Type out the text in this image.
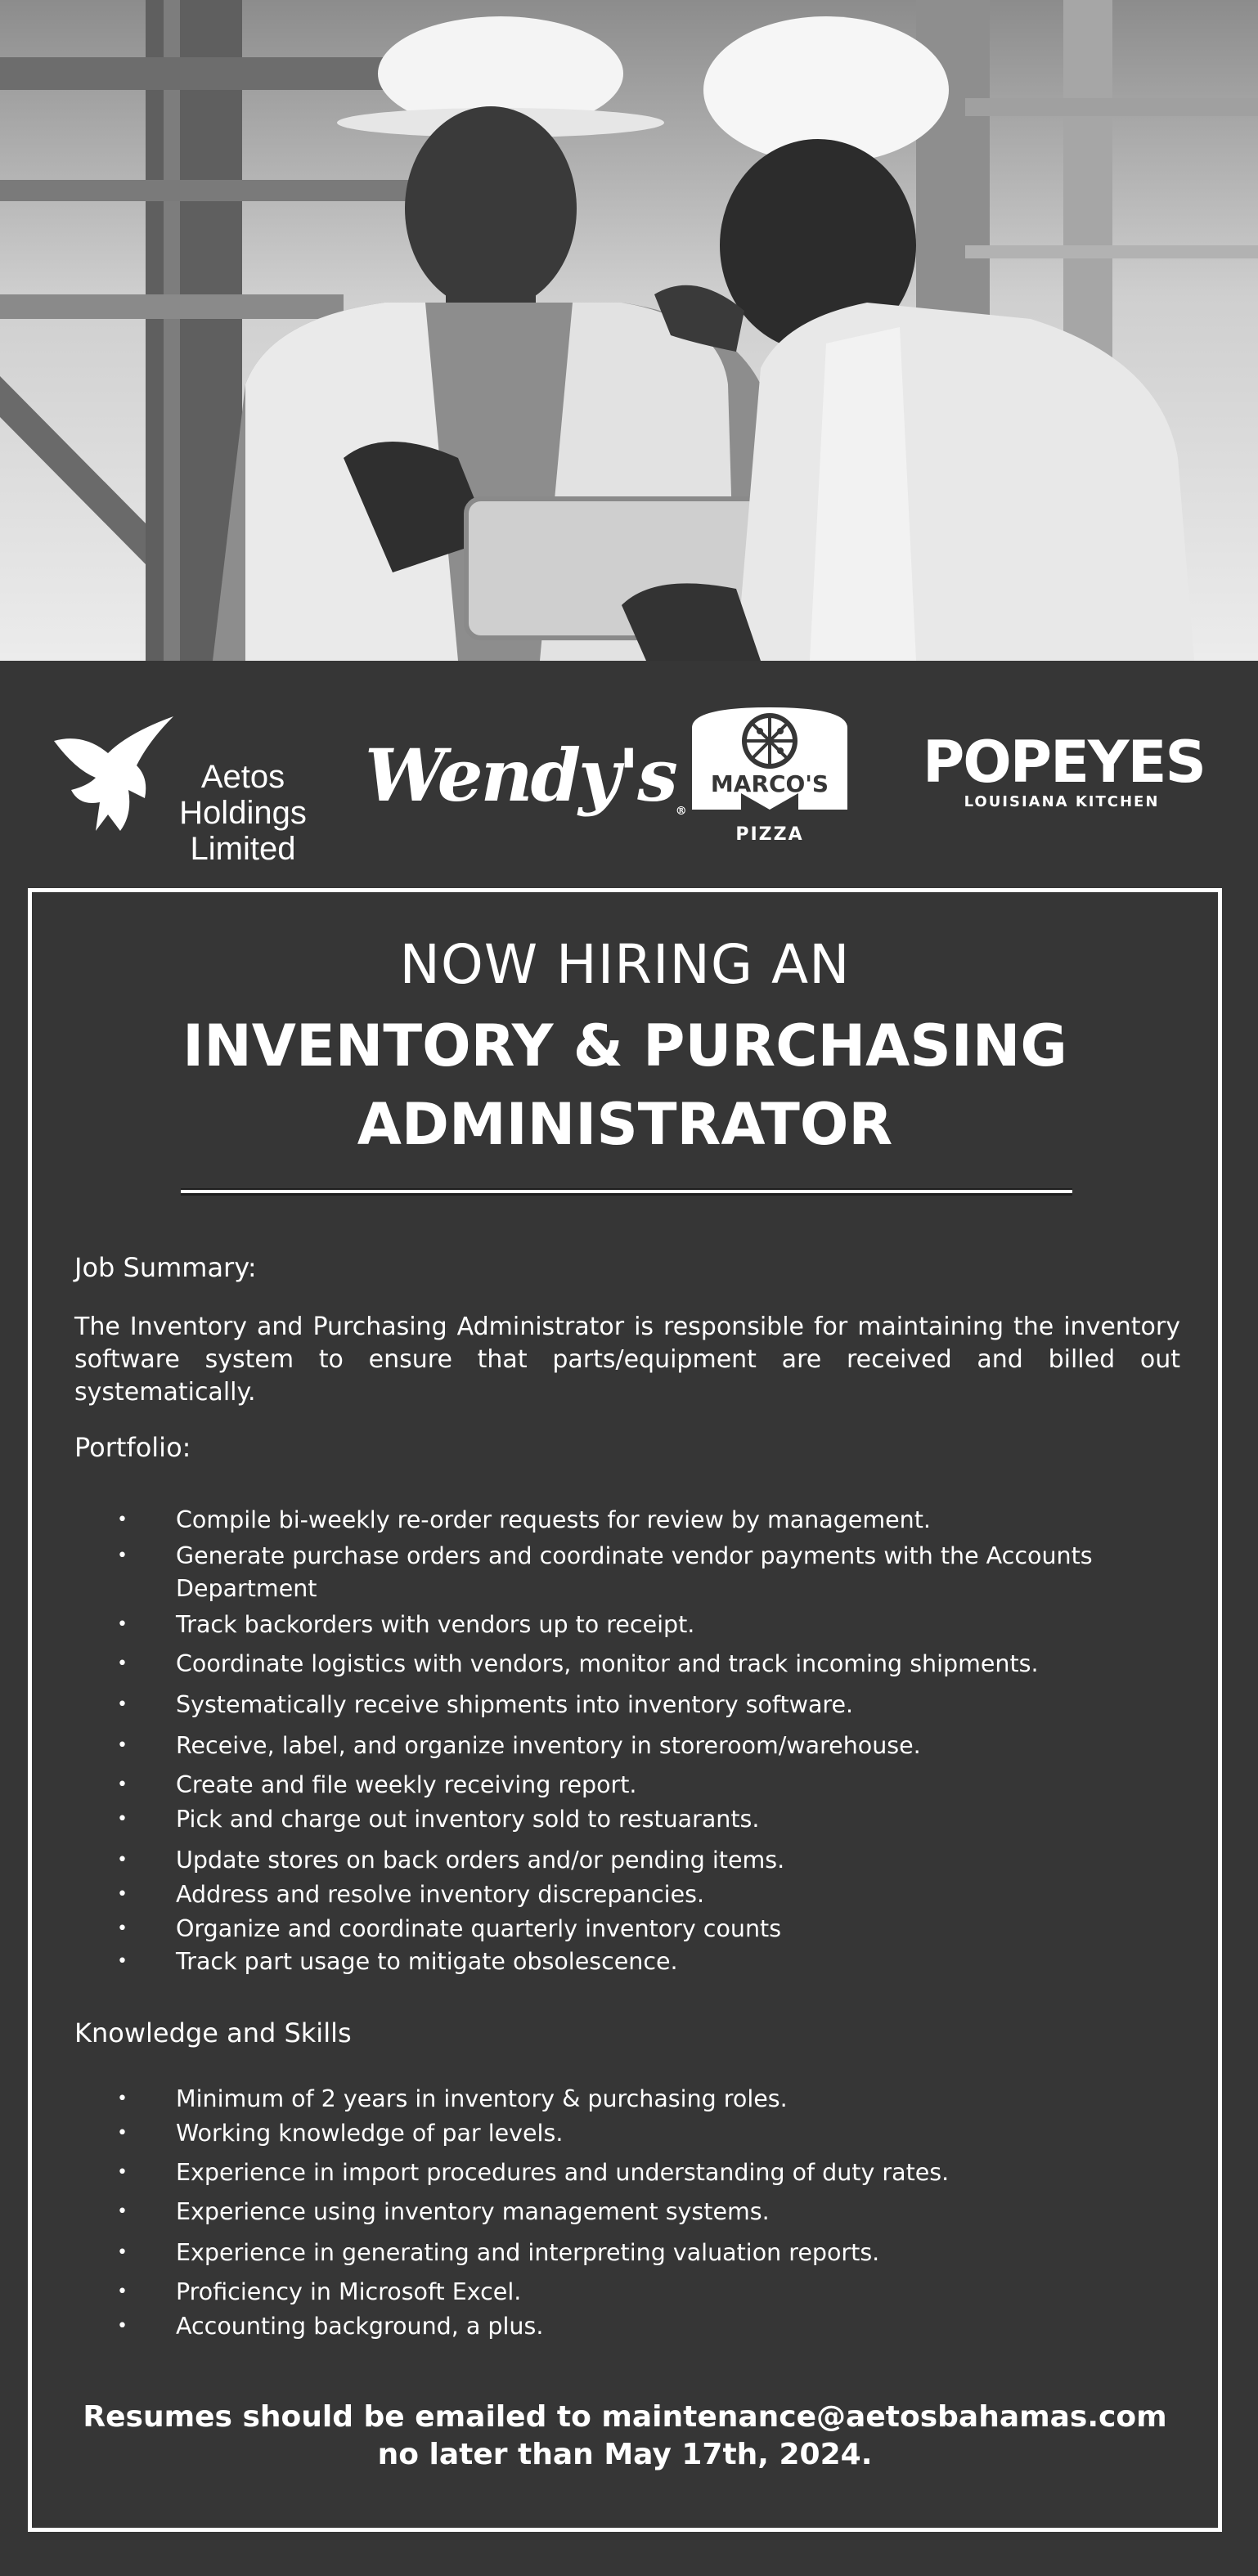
Aetos
Holdings
Limited
Wendy's®
MARCO'S
PIZZA
POPEYES
LOUISIANA KITCHEN
NOW HIRING AN
INVENTORY & PURCHASING
ADMINISTRATOR
Job Summary:
The Inventory and Purchasing Administrator is responsible for maintaining the inventory software system to ensure that parts/equipment are received and billed out systematically.
Portfolio:
• Compile bi-weekly re-order requests for review by management.
• Generate purchase orders and coordinate vendor payments with the Accounts Department
• Track backorders with vendors up to receipt.
• Coordinate logistics with vendors, monitor and track incoming shipments.
• Systematically receive shipments into inventory software.
• Receive, label, and organize inventory in storeroom/warehouse.
• Create and file weekly receiving report.
• Pick and charge out inventory sold to restuarants.
• Update stores on back orders and/or pending items.
• Address and resolve inventory discrepancies.
• Organize and coordinate quarterly inventory counts
• Track part usage to mitigate obsolescence.
Knowledge and Skills
• Minimum of 2 years in inventory & purchasing roles.
• Working knowledge of par levels.
• Experience in import procedures and understanding of duty rates.
• Experience using inventory management systems.
• Experience in generating and interpreting valuation reports.
• Proficiency in Microsoft Excel.
• Accounting background, a plus.
Resumes should be emailed to maintenance@aetosbahamas.com
no later than May 17th, 2024.
